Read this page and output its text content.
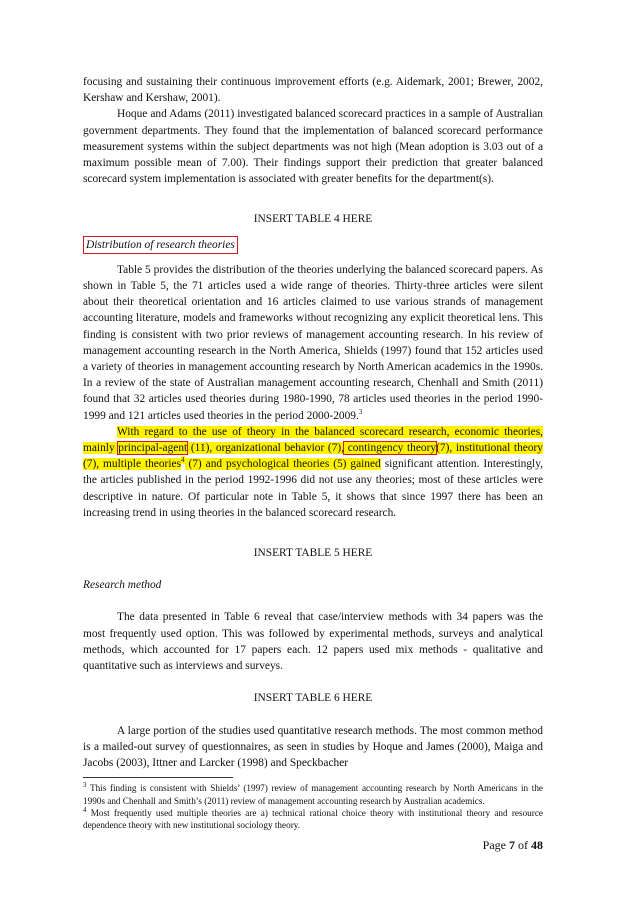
focusing and sustaining their continuous improvement efforts (e.g. Aidemark, 2001; Brewer, 2002, Kershaw and Kershaw, 2001).

Hoque and Adams (2011) investigated balanced scorecard practices in a sample of Australian government departments. They found that the implementation of balanced scorecard performance measurement systems within the subject departments was not high (Mean adoption is 3.03 out of a maximum possible mean of 7.00). Their findings support their prediction that greater balanced scorecard system implementation is associated with greater benefits for the department(s).

INSERT TABLE 4 HERE

Distribution of research theories

Table 5 provides the distribution of the theories underlying the balanced scorecard papers. As shown in Table 5, the 71 articles used a wide range of theories. Thirty-three articles were silent about their theoretical orientation and 16 articles claimed to use various strands of management accounting literature, models and frameworks without recognizing any explicit theoretical lens. This finding is consistent with two prior reviews of management accounting research. In his review of management accounting research in the North America, Shields (1997) found that 152 articles used a variety of theories in management accounting research by North American academics in the 1990s. In a review of the state of Australian management accounting research, Chenhall and Smith (2011) found that 32 articles used theories during 1980-1990, 78 articles used theories in the period 1990-1999 and 121 articles used theories in the period 2000-2009.$^3$

With regard to the use of theory in the balanced scorecard research, economic theories, mainly principal-agent (11), organizational behavior (7), contingency theory(7), institutional theory (7), multiple theories$^4$ (7) and psychological theories (5) gained significant attention. Interestingly, the articles published in the period 1992-1996 did not use any theories; most of these articles were descriptive in nature. Of particular note in Table 5, it shows that since 1997 there has been an increasing trend in using theories in the balanced scorecard research.

INSERT TABLE 5 HERE

Research method

The data presented in Table 6 reveal that case/interview methods with 34 papers was the most frequently used option. This was followed by experimental methods, surveys and analytical methods, which accounted for 17 papers each. 12 papers used mix methods - qualitative and quantitative such as interviews and surveys.

INSERT TABLE 6 HERE

A large portion of the studies used quantitative research methods. The most common method is a mailed-out survey of questionnaires, as seen in studies by Hoque and James (2000), Maiga and Jacobs (2003), Ittner and Larcker (1998) and Speckbacher

$^3$ This finding is consistent with Shields’ (1997) review of management accounting research by North Americans in the 1990s and Chenhall and Smith’s (2011) review of management accounting research by Australian academics.

$^4$ Most frequently used multiple theories are a) technical rational choice theory with institutional theory and resource dependence theory with new institutional sociology theory.

Page 7 of 48
